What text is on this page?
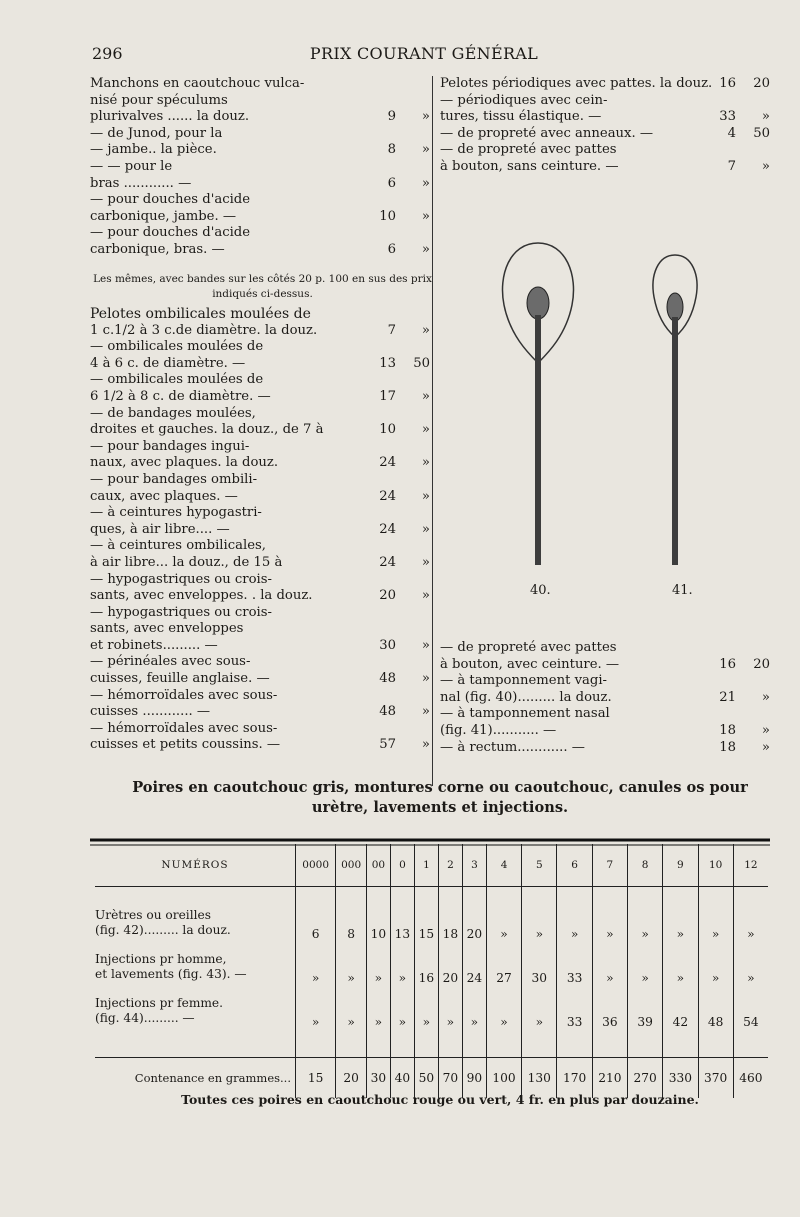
296	PRIX COURANT GÉNÉRAL
Manchons en caoutchouc vulca-
nisé pour spéculums
plurivalves ...... la douz.	9 »
— de Junod, pour la
— jambe.. la pièce.	8 »
— — pour le
bras ............ —	6 »
— pour douches d'acide
carbonique, jambe. —	10 »
— pour douches d'acide
carbonique, bras. —	6 »
Les mêmes, avec bandes sur les côtés 20 p. 100 en sus des prix indiqués ci-dessus.
Pelotes ombilicales moulées de
1 c.1/2 à 3 c.de diamètre. la douz.	7 »
— ombilicales moulées de
4 à 6 c. de diamètre. —	13 50
— ombilicales moulées de
6 1/2 à 8 c. de diamètre. —	17 »
— de bandages moulées,
droites et gauches. la douz., de 7 à	10 »
— pour bandages ingui-
naux, avec plaques. la douz.	24 »
— pour bandages ombili-
caux, avec plaques. —	24 »
— à ceintures hypogastri-
ques, à air libre.... —	24 »
— à ceintures ombilicales,
à air libre... la douz., de 15 à	24 »
— hypogastriques ou crois-
sants, avec enveloppes. . la douz.	20 »
— hypogastriques ou crois-
sants, avec enveloppes
et robinets......... —	30 »
— périnéales avec sous-
cuisses, feuille anglaise. —	48 »
— hémorroïdales avec sous-
cuisses ............ —	48 »
— hémorroïdales avec sous-
cuisses et petits coussins. —	57 »
Pelotes périodiques avec pattes. la douz. 16 20
— périodiques avec cein-
tures, tissu élastique. —	33 »
— de propreté avec anneaux. —	4 50
— de propreté avec pattes
à bouton, sans ceinture. —	7 »
40.	41.
— de propreté avec pattes
à bouton, avec ceinture. —	16 20
— à tamponnement vagi-
nal (fig. 40)......... la douz.	21 »
— à tamponnement nasal
(fig. 41)........... —	18 »
— à rectum............ —	18 »
Poires en caoutchouc gris, montures corne ou caoutchouc, canules os pour urètre, lavements et injections.
NUMÉROS	0000	000	00	0	1	2	3	4	5	6	7	8	9	10	12

Urètres ou oreilles
(fig. 42)......... la douz.	6	8	10	13	15	18	20	»	»	»	»	»	»	»	»

Injections pr homme,
et lavements (fig. 43). —	»	»	»	»	16	20	24	27	30	33	»	»	»	»	»

Injections pr femme.
(fig. 44)......... —	»	»	»	»	»	»	»	»	»	33	36	39	42	48	54

Contenance en grammes...	15	20	30	40	50	70	90	100	130	170	210	270	330	370	460
Toutes ces poires en caoutchouc rouge ou vert, 4 fr. en plus par douzaine.
